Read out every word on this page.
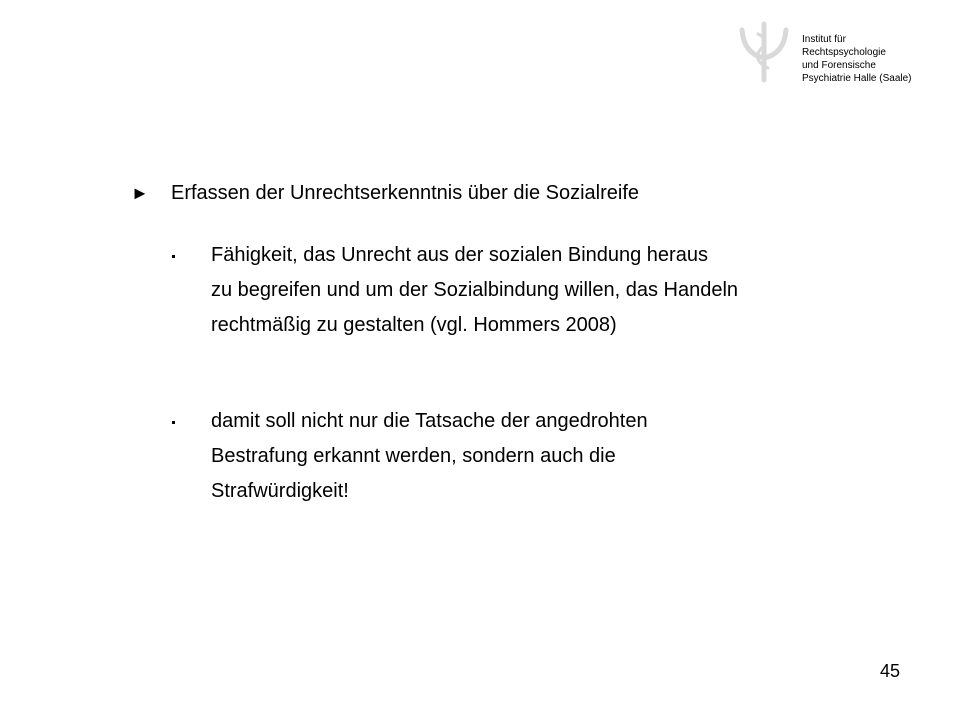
Institut für
Rechtspsychologie
und Forensische
Psychiatrie Halle (Saale)
► Erfassen der Unrechtserkenntnis über die Sozialreife
Fähigkeit, das Unrecht aus der sozialen Bindung heraus
zu begreifen und um der Sozialbindung willen, das Handeln
rechtmäßig zu gestalten (vgl. Hommers 2008)
damit soll nicht nur die Tatsache der angedrohten
Bestrafung erkannt werden, sondern auch die
Strafwürdigkeit!
45
